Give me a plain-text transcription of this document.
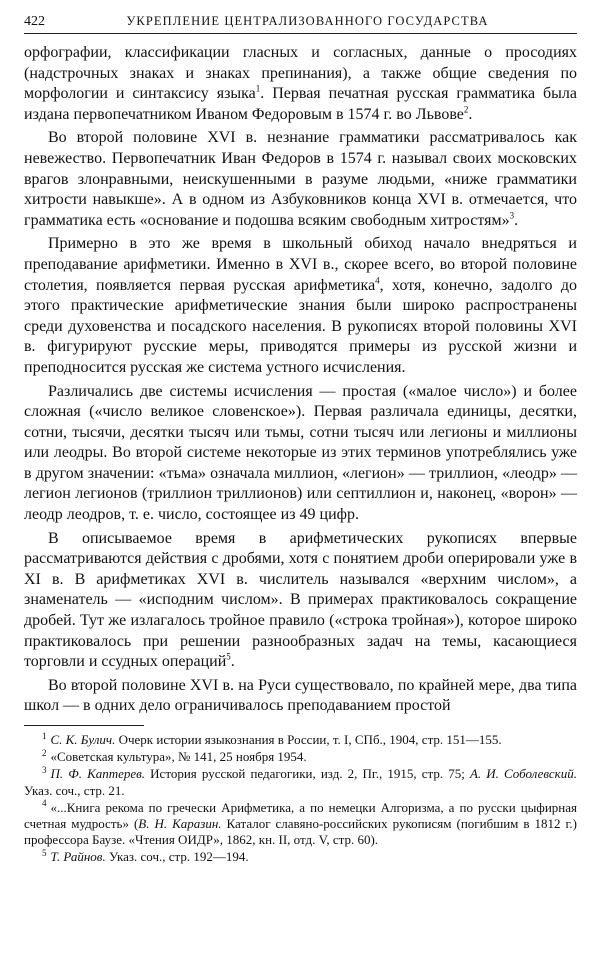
422	УКРЕПЛЕНИЕ ЦЕНТРАЛИЗОВАННОГО ГОСУДАРСТВА

орфографии, классификации гласных и согласных, данные о просодиях (надстрочных знаках и знаках препинания), а также общие сведения по морфологии и синтаксису языка$^1$. Первая печатная русская грамматика была издана первопечатником Иваном Федоровым в 1574 г. во Львове$^2$.

Во второй половине XVI в. незнание грамматики рассматривалось как невежество. Первопечатник Иван Федоров в 1574 г. называл своих московских врагов злонравными, неискушенными в разуме людьми, «ниже грамматики хитрости навыкше». А в одном из Азбуковников конца XVI в. отмечается, что грамматика есть «основание и подошва всяким свободным хитростям»$^3$.

Примерно в это же время в школьный обиход начало внедряться и преподавание арифметики. Именно в XVI в., скорее всего, во второй половине столетия, появляется первая русская арифметика$^4$, хотя, конечно, задолго до этого практические арифметические знания были широко распространены среди духовенства и посадского населения. В рукописях второй половины XVI в. фигурируют русские меры, приводятся примеры из русской жизни и преподносится русская же система устного исчисления.

Различались две системы исчисления — простая («малое число») и более сложная («число великое словенское»). Первая различала единицы, десятки, сотни, тысячи, десятки тысяч или тьмы, сотни тысяч или легионы и миллионы или леодры. Во второй системе некоторые из этих терминов употреблялись уже в другом значении: «тьма» означала миллион, «легион» — триллион, «леодр» — легион легионов (триллион триллионов) или септиллион и, наконец, «ворон» — леодр леодров, т. е. число, состоящее из 49 цифр.

В описываемое время в арифметических рукописях впервые рассматриваются действия с дробями, хотя с понятием дроби оперировали уже в XI в. В арифметиках XVI в. числитель назывался «верхним числом», а знаменатель — «исподним числом». В примерах практиковалось сокращение дробей. Тут же излагалось тройное правило («строка тройная»), которое широко практиковалось при решении разнообразных задач на темы, касающиеся торговли и ссудных операций$^5$.

Во второй половине XVI в. на Руси существовало, по крайней мере, два типа школ — в одних дело ограничивалось преподаванием простой

$^1$ С. К. Булич. Очерк истории языкознания в России, т. I, СПб., 1904, стр. 151—155.

$^2$ «Советская культура», № 141, 25 ноября 1954.

$^3$ П. Ф. Каптерев. История русской педагогики, изд. 2, Пг., 1915, стр. 75; А. И. Соболевский. Указ. соч., стр. 21.

$^4$ «...Книга рекома по гречески Арифметика, а по немецки Алгоризма, а по русски цыфирная счетная мудрость» (В. Н. Каразин. Каталог славяно-российских рукописям (погибшим в 1812 г.) профессора Баузе. «Чтения ОИДР», 1862, кн. II, отд. V, стр. 60).

$^5$ Т. Райнов. Указ. соч., стр. 192—194.
